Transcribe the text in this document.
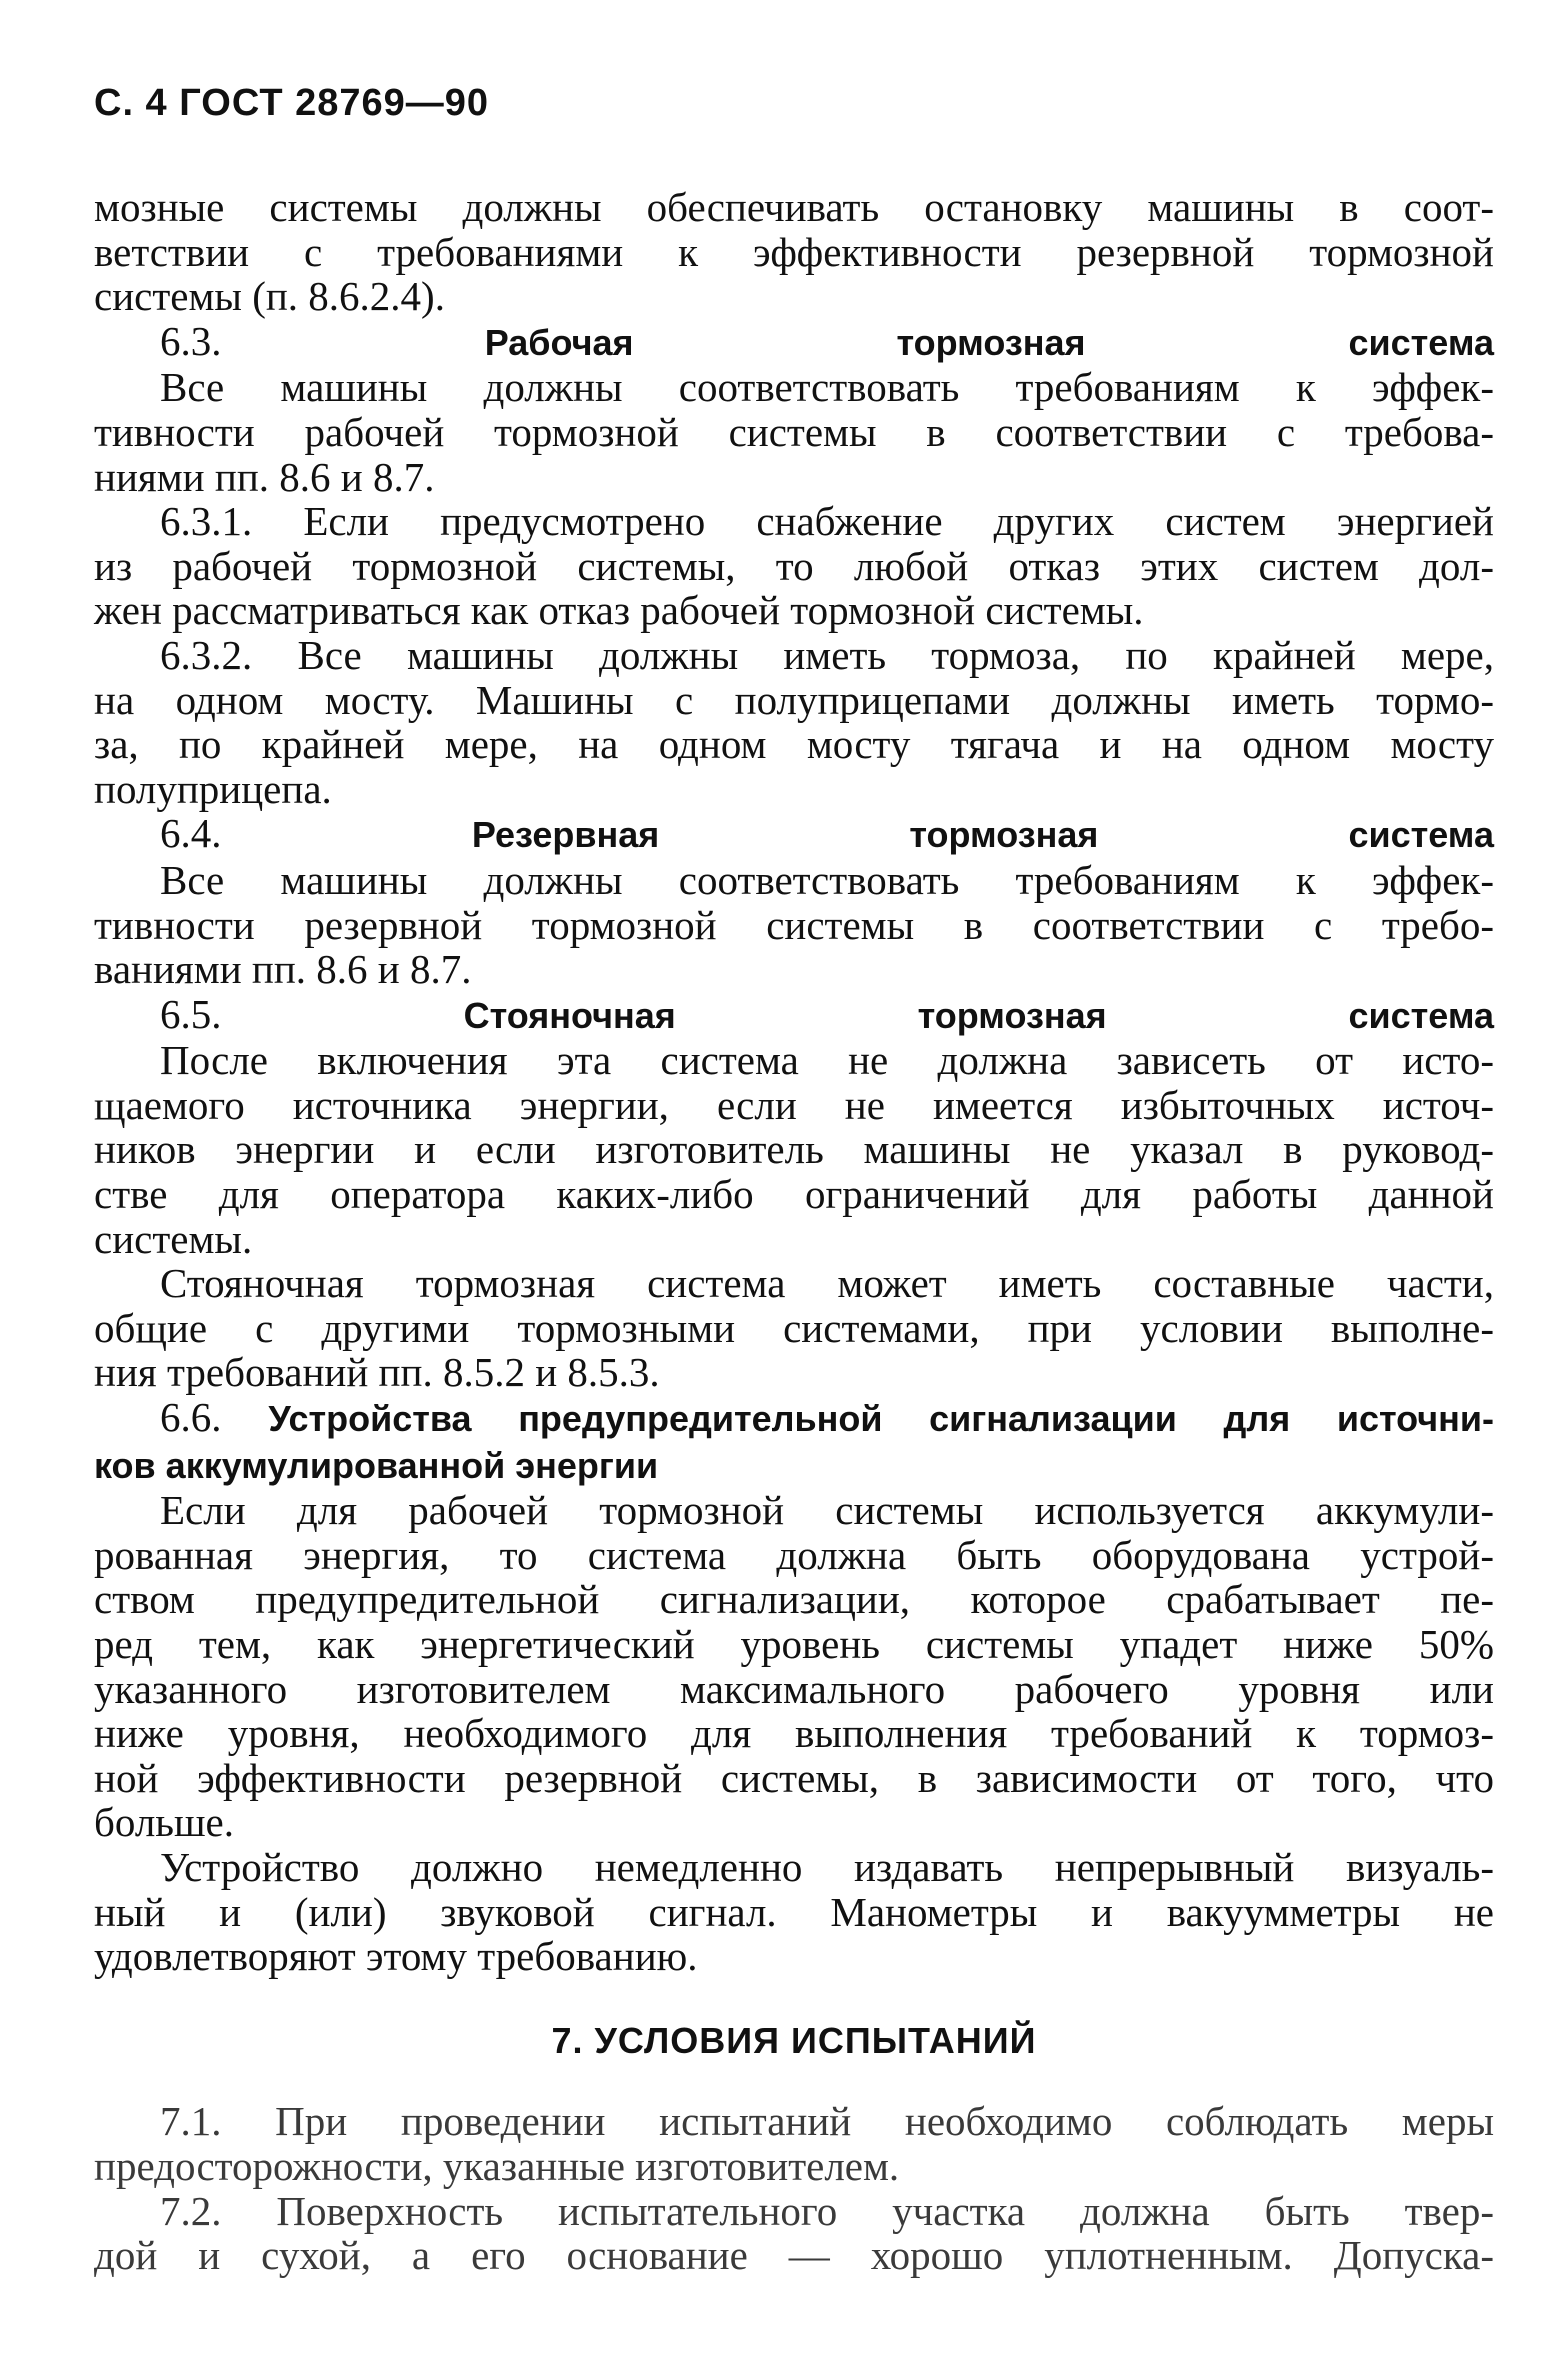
С. 4 ГОСТ 28769—90

мозные системы должны обеспечивать остановку машины в соот-

ветствии с требованиями к эффективности резервной тормозной

системы (п. 8.6.2.4).

6.3.	Рабочая тормозная система

Все машины должны соответствовать требованиям к эффек-

тивности рабочей тормозной системы в соответствии с требова-

ниями пп. 8.6 и 8.7.

6.3.1. Если предусмотрено снабжение других систем энергией

из рабочей тормозной системы, то любой отказ этих систем дол-

жен рассматриваться как отказ рабочей тормозной системы.

6.3.2. Все машины должны иметь тормоза, по крайней мере,

на одном мосту. Машины с полуприцепами должны иметь тормо-

за, по крайней мере, на одном мосту тягача и на одном мосту

полуприцепа.

6.4.	Резервная тормозная система

Все машины должны соответствовать требованиям к эффек-

тивности резервной тормозной системы в соответствии с требо-

ваниями пп. 8.6 и 8.7.

6.5.	Стояночная тормозная система

После включения эта система не должна зависеть от исто-

щаемого источника энергии, если не имеется избыточных источ-

ников энергии и если изготовитель машины не указал в руковод-

стве для оператора каких-либо ограничений для работы данной

системы.

Стояночная тормозная система может иметь составные части,

общие с другими тормозными системами, при условии выполне-

ния требований пп. 8.5.2 и 8.5.3.

6.6. Устройства предупредительной сигнализации для источни-

ков аккумулированной энергии

Если для рабочей тормозной системы используется аккумули-

рованная энергия, то система должна быть оборудована устрой-

ством предупредительной сигнализации, которое срабатывает пе-

ред тем, как энергетический уровень системы упадет ниже 50%

указанного изготовителем максимального рабочего уровня или

ниже уровня, необходимого для выполнения требований к тормоз-

ной эффективности резервной системы, в зависимости от того, что

больше.

Устройство должно немедленно издавать непрерывный визуаль-

ный и (или) звуковой сигнал. Манометры и вакуумметры не

удовлетворяют этому требованию.

7. УСЛОВИЯ ИСПЫТАНИЙ

7.1. При проведении испытаний необходимо соблюдать меры

предосторожности, указанные изготовителем.

7.2. Поверхность испытательного участка должна быть твер-

дой и сухой, а его основание — хорошо уплотненным. Допуска-
